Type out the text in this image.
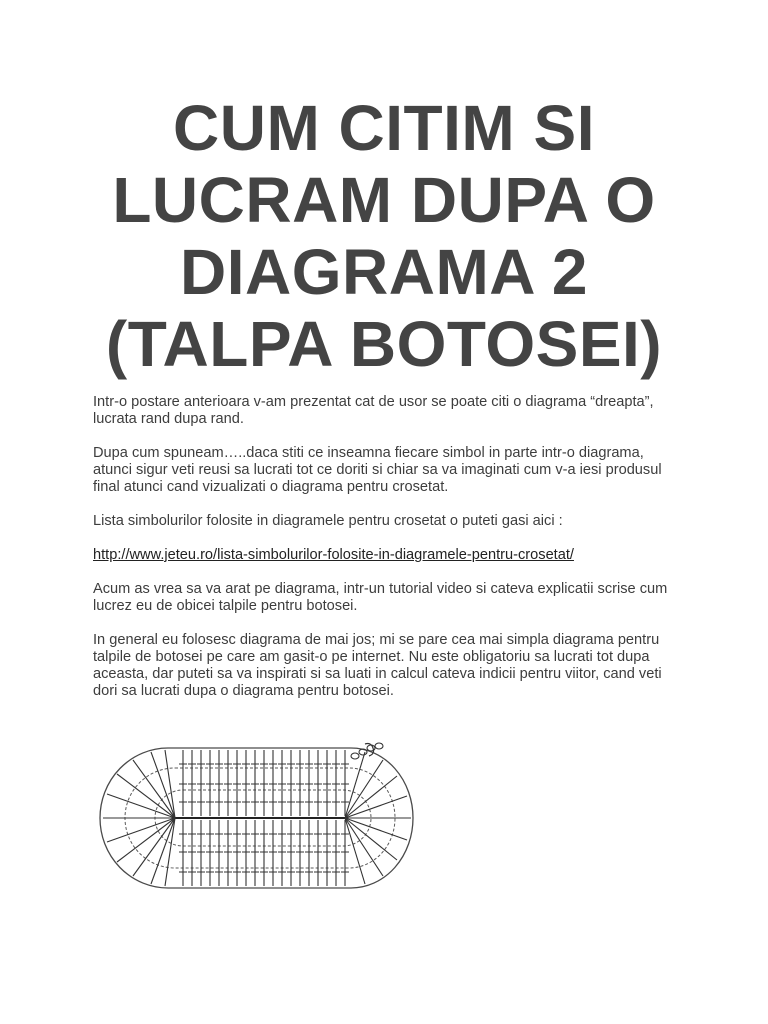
CUM CITIM SI
LUCRAM DUPA O
DIAGRAMA 2
(TALPA BOTOSEI)

Intr-o postare anterioara v-am prezentat cat de usor se poate citi o diagrama “dreapta”, lucrata rand dupa rand.

Dupa cum spuneam…..daca stiti ce inseamna fiecare simbol in parte intr-o diagrama, atunci sigur veti reusi sa lucrati tot ce doriti si chiar sa va imaginati cum v-a iesi produsul final atunci cand vizualizati o diagrama pentru crosetat.

Lista simbolurilor folosite in diagramele pentru crosetat o puteti gasi aici :

http://www.jeteu.ro/lista-simbolurilor-folosite-in-diagramele-pentru-crosetat/

Acum as vrea sa va arat pe diagrama, intr-un tutorial video si cateva explicatii scrise cum lucrez eu de obicei talpile pentru botosei.

In general eu folosesc diagrama de mai jos; mi se pare cea mai simpla diagrama pentru talpile de botosei pe care am gasit-o pe internet. Nu este obligatoriu sa lucrati tot dupa aceasta, dar puteti sa va inspirati si sa luati in calcul cateva indicii pentru viitor, cand veti dori sa lucrati dupa o diagrama pentru botosei.
